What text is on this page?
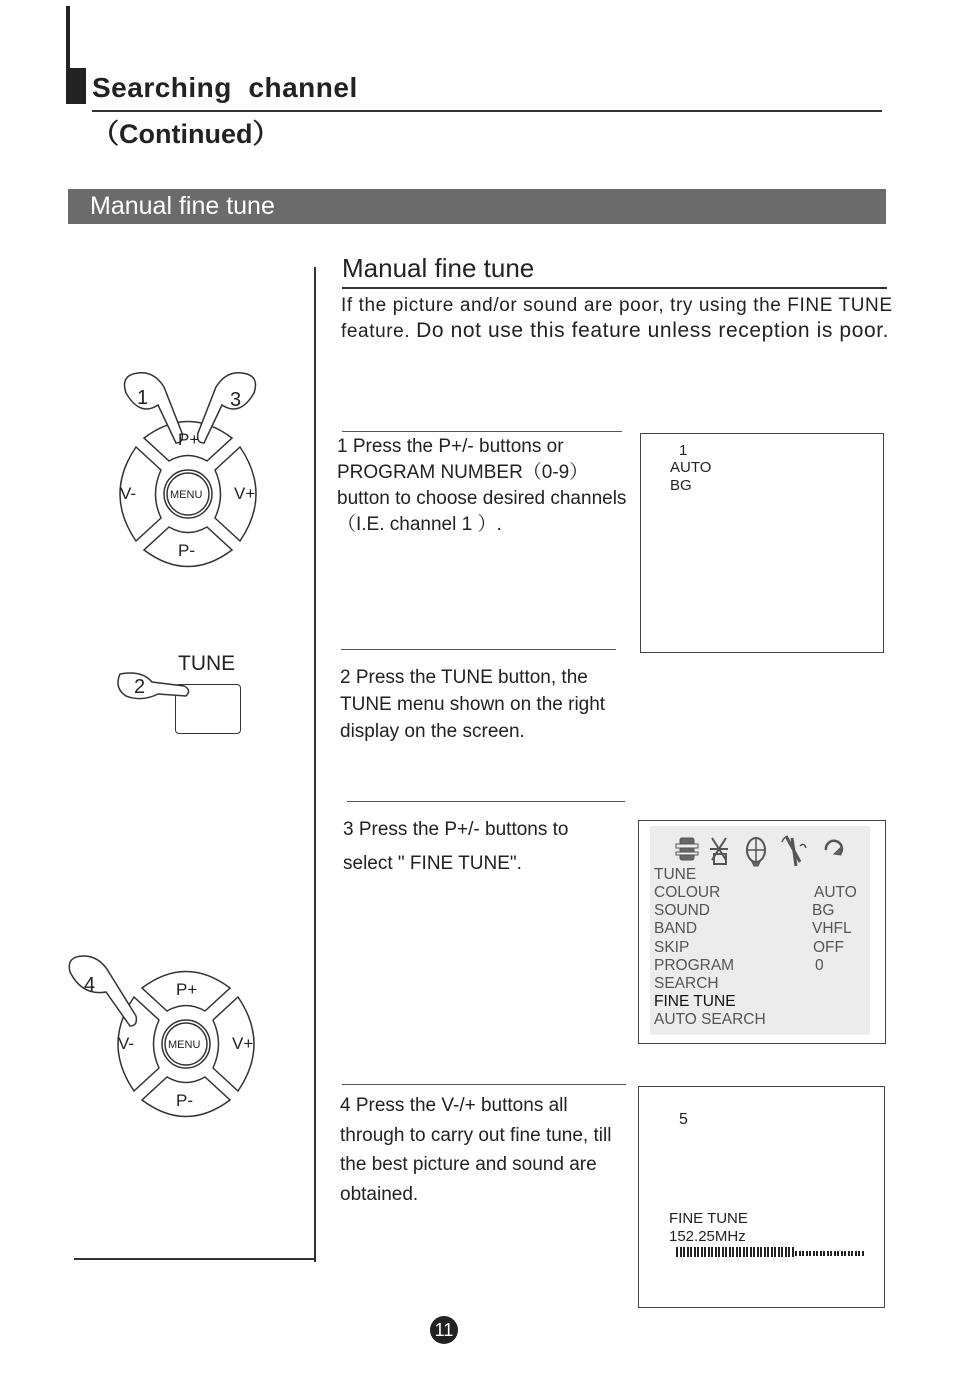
Searching  channel
（Continued）
Manual fine tune
Manual fine tune
If the picture and/or sound are poor, try using the FINE TUNE feature. Do not use this feature unless reception is poor.
1	3
P+
P-
V-	V+
MENU
TUNE
2
4	P+
P-
V-	V+
MENU
1 Press the P+/- buttons or PROGRAM NUMBER（0-9）button to choose desired channels（I.E. channel 1 ）.
1
AUTO
BG
2 Press the TUNE button, the TUNE menu shown on the right display on the screen.
3 Press the P+/- buttons to
select " FINE TUNE".
TUNE
COLOUR	AUTO
SOUND	BG
BAND	VHFL
SKIP	OFF
PROGRAM	0
SEARCH
FINE TUNE
AUTO SEARCH
4 Press the V-/+ buttons all through to carry out fine tune, till the best picture and sound are obtained.
5
FINE TUNE
152.25MHz
11
